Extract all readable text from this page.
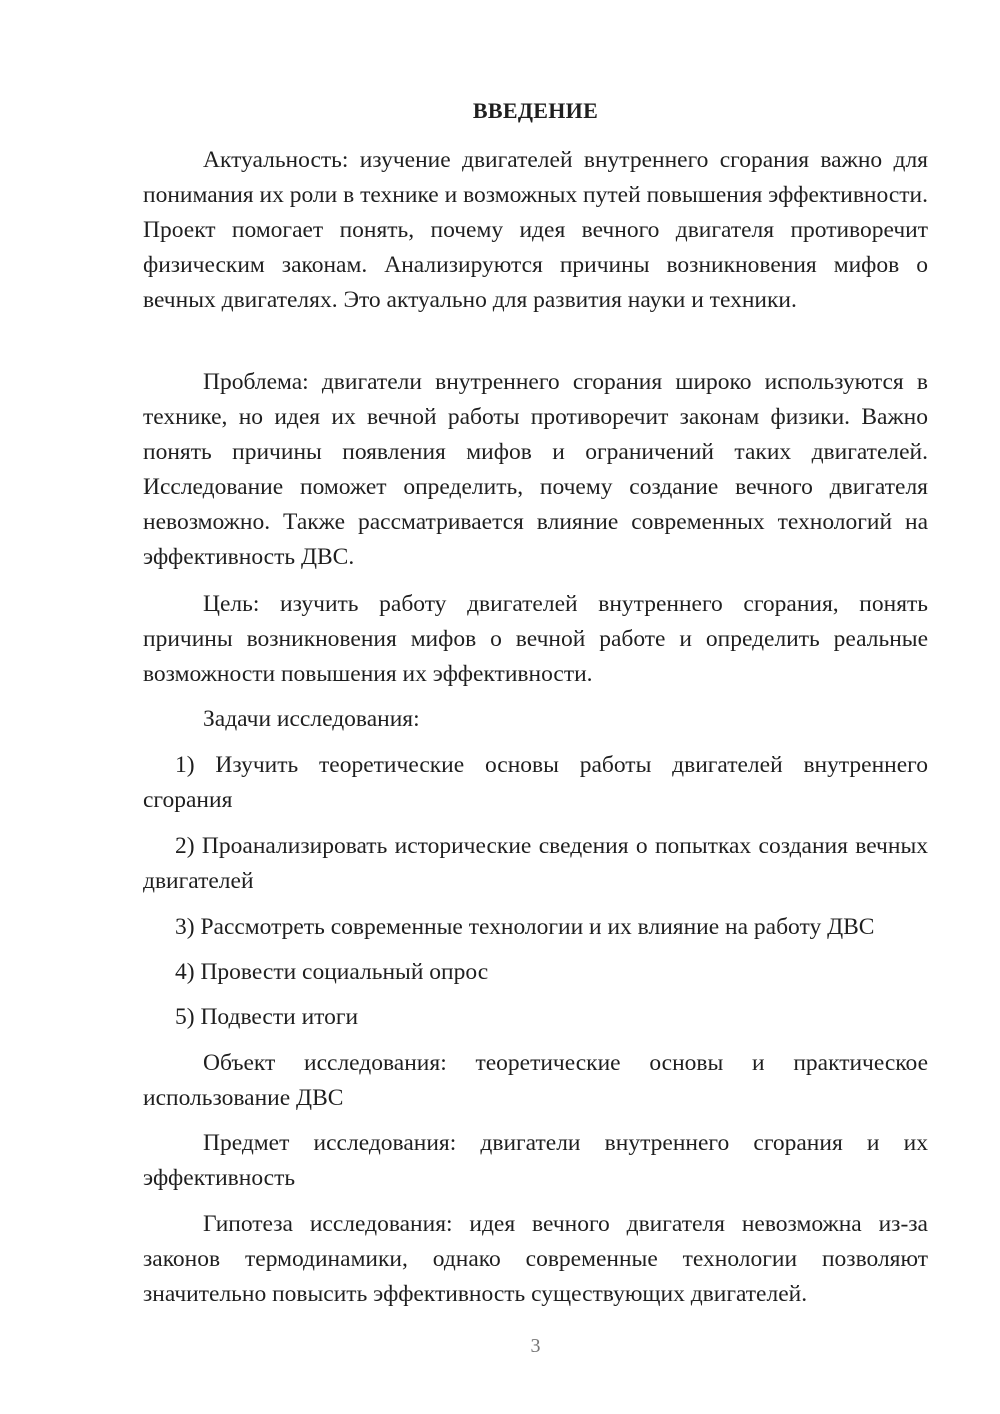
ВВЕДЕНИЕ

Актуальность: изучение двигателей внутреннего сгорания важно для понимания их роли в технике и возможных путей повышения эффективности. Проект помогает понять, почему идея вечного двигателя противоречит физическим законам. Анализируются причины возникновения мифов о вечных двигателях. Это актуально для развития науки и техники.

Проблема: двигатели внутреннего сгорания широко используются в технике, но идея их вечной работы противоречит законам физики. Важно понять причины появления мифов и ограничений таких двигателей. Исследование поможет определить, почему создание вечного двигателя невозможно. Также рассматривается влияние современных технологий на эффективность ДВС.

Цель: изучить работу двигателей внутреннего сгорания, понять причины возникновения мифов о вечной работе и определить реальные возможности повышения их эффективности.

Задачи исследования:

1) Изучить теоретические основы работы двигателей внутреннего сгорания

2) Проанализировать исторические сведения о попытках создания вечных двигателей

3) Рассмотреть современные технологии и их влияние на работу ДВС

4) Провести социальный опрос

5) Подвести итоги

Объект исследования: теоретические основы и практическое использование ДВС

Предмет исследования: двигатели внутреннего сгорания и их эффективность

Гипотеза исследования: идея вечного двигателя невозможна из-за законов термодинамики, однако современные технологии позволяют значительно повысить эффективность существующих двигателей.

3
